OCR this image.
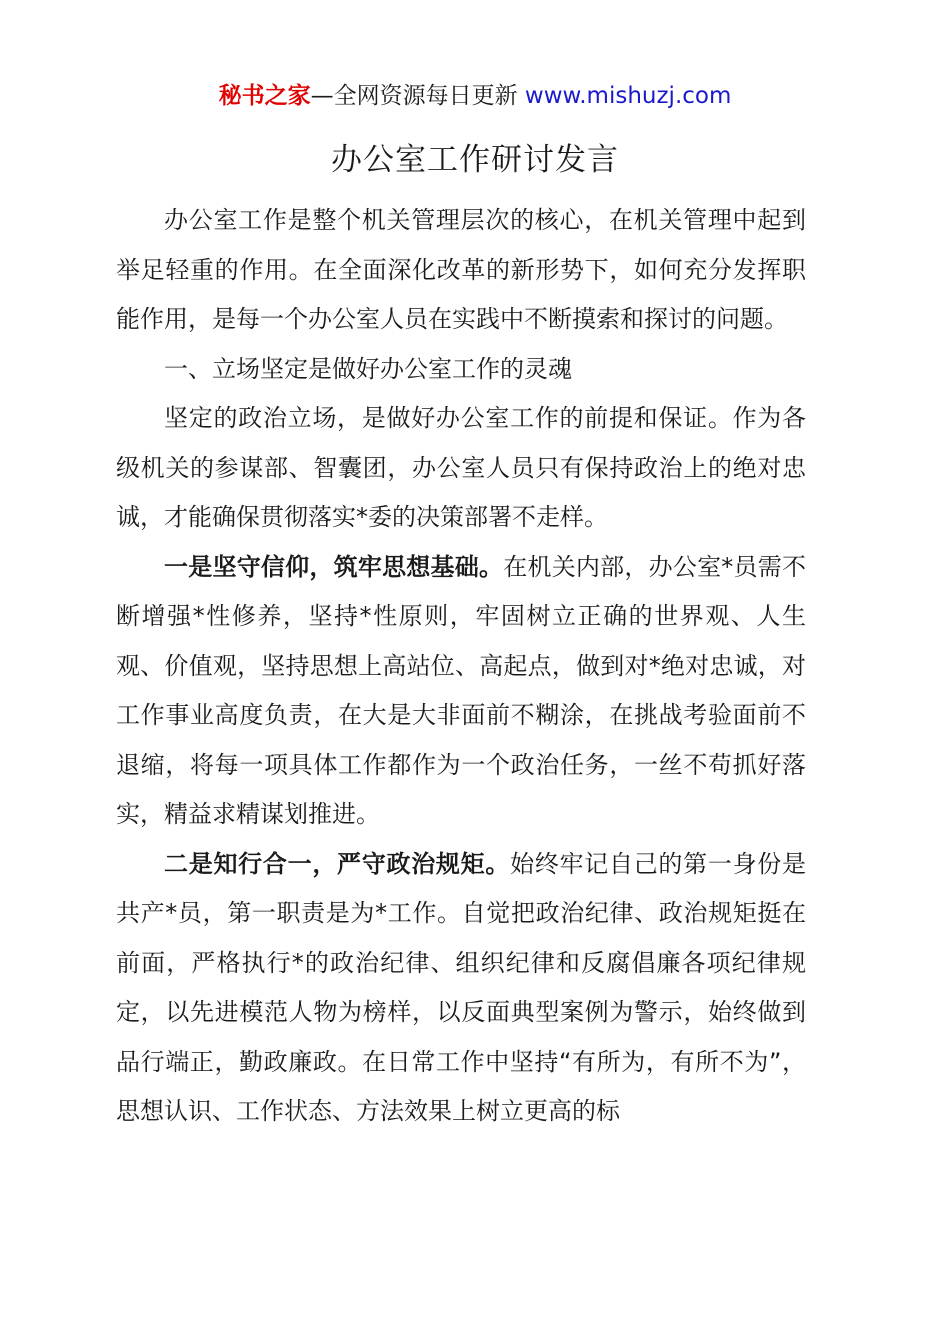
秘书之家—全网资源每日更新 www.mishuzj.com
办公室工作研讨发言

办公室工作是整个机关管理层次的核心，在机关管理中起到举足轻重的作用。在全面深化改革的新形势下，如何充分发挥职能作用，是每一个办公室人员在实践中不断摸索和探讨的问题。

一、立场坚定是做好办公室工作的灵魂

坚定的政治立场，是做好办公室工作的前提和保证。作为各级机关的参谋部、智囊团，办公室人员只有保持政治上的绝对忠诚，才能确保贯彻落实*委的决策部署不走样。

一是坚守信仰，筑牢思想基础。在机关内部，办公室*员需不断增强*性修养，坚持*性原则，牢固树立正确的世界观、人生观、价值观，坚持思想上高站位、高起点，做到对*绝对忠诚，对工作事业高度负责，在大是大非面前不糊涂，在挑战考验面前不退缩，将每一项具体工作都作为一个政治任务，一丝不苟抓好落实，精益求精谋划推进。

二是知行合一，严守政治规矩。始终牢记自己的第一身份是共产*员，第一职责是为*工作。自觉把政治纪律、政治规矩挺在前面，严格执行*的政治纪律、组织纪律和反腐倡廉各项纪律规定，以先进模范人物为榜样，以反面典型案例为警示，始终做到品行端正，勤政廉政。在日常工作中坚持“有所为，有所不为”，思想认识、工作状态、方法效果上树立更高的标
